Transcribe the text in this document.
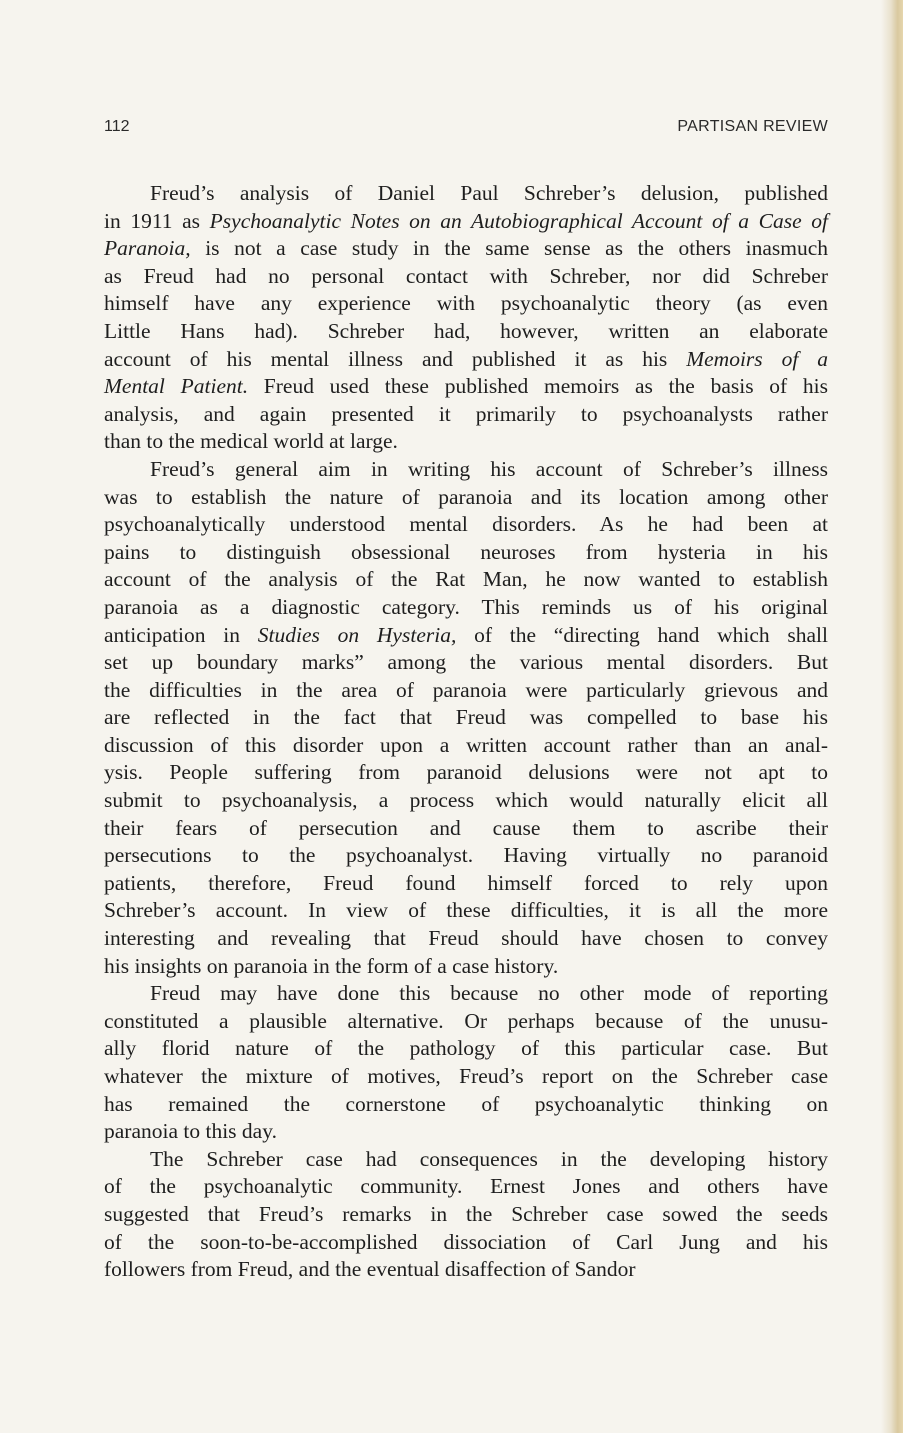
112	PARTISAN REVIEW
Freud’s analysis of Daniel Paul Schreber’s delusion, published
in 1911 as Psychoanalytic Notes on an Autobiographical Account of a Case of
Paranoia, is not a case study in the same sense as the others inasmuch
as Freud had no personal contact with Schreber, nor did Schreber
himself have any experience with psychoanalytic theory (as even
Little Hans had). Schreber had, however, written an elaborate
account of his mental illness and published it as his Memoirs of a
Mental Patient. Freud used these published memoirs as the basis of his
analysis, and again presented it primarily to psychoanalysts rather
than to the medical world at large.
Freud’s general aim in writing his account of Schreber’s illness
was to establish the nature of paranoia and its location among other
psychoanalytically understood mental disorders. As he had been at
pains to distinguish obsessional neuroses from hysteria in his
account of the analysis of the Rat Man, he now wanted to establish
paranoia as a diagnostic category. This reminds us of his original
anticipation in Studies on Hysteria, of the “directing hand which shall
set up boundary marks” among the various mental disorders. But
the difficulties in the area of paranoia were particularly grievous and
are reflected in the fact that Freud was compelled to base his
discussion of this disorder upon a written account rather than an anal-
ysis. People suffering from paranoid delusions were not apt to
submit to psychoanalysis, a process which would naturally elicit all
their fears of persecution and cause them to ascribe their
persecutions to the psychoanalyst. Having virtually no paranoid
patients, therefore, Freud found himself forced to rely upon
Schreber’s account. In view of these difficulties, it is all the more
interesting and revealing that Freud should have chosen to convey
his insights on paranoia in the form of a case history.
Freud may have done this because no other mode of reporting
constituted a plausible alternative. Or perhaps because of the unusu-
ally florid nature of the pathology of this particular case. But
whatever the mixture of motives, Freud’s report on the Schreber case
has remained the cornerstone of psychoanalytic thinking on
paranoia to this day.
The Schreber case had consequences in the developing history
of the psychoanalytic community. Ernest Jones and others have
suggested that Freud’s remarks in the Schreber case sowed the seeds
of the soon-to-be-accomplished dissociation of Carl Jung and his
followers from Freud, and the eventual disaffection of Sandor
